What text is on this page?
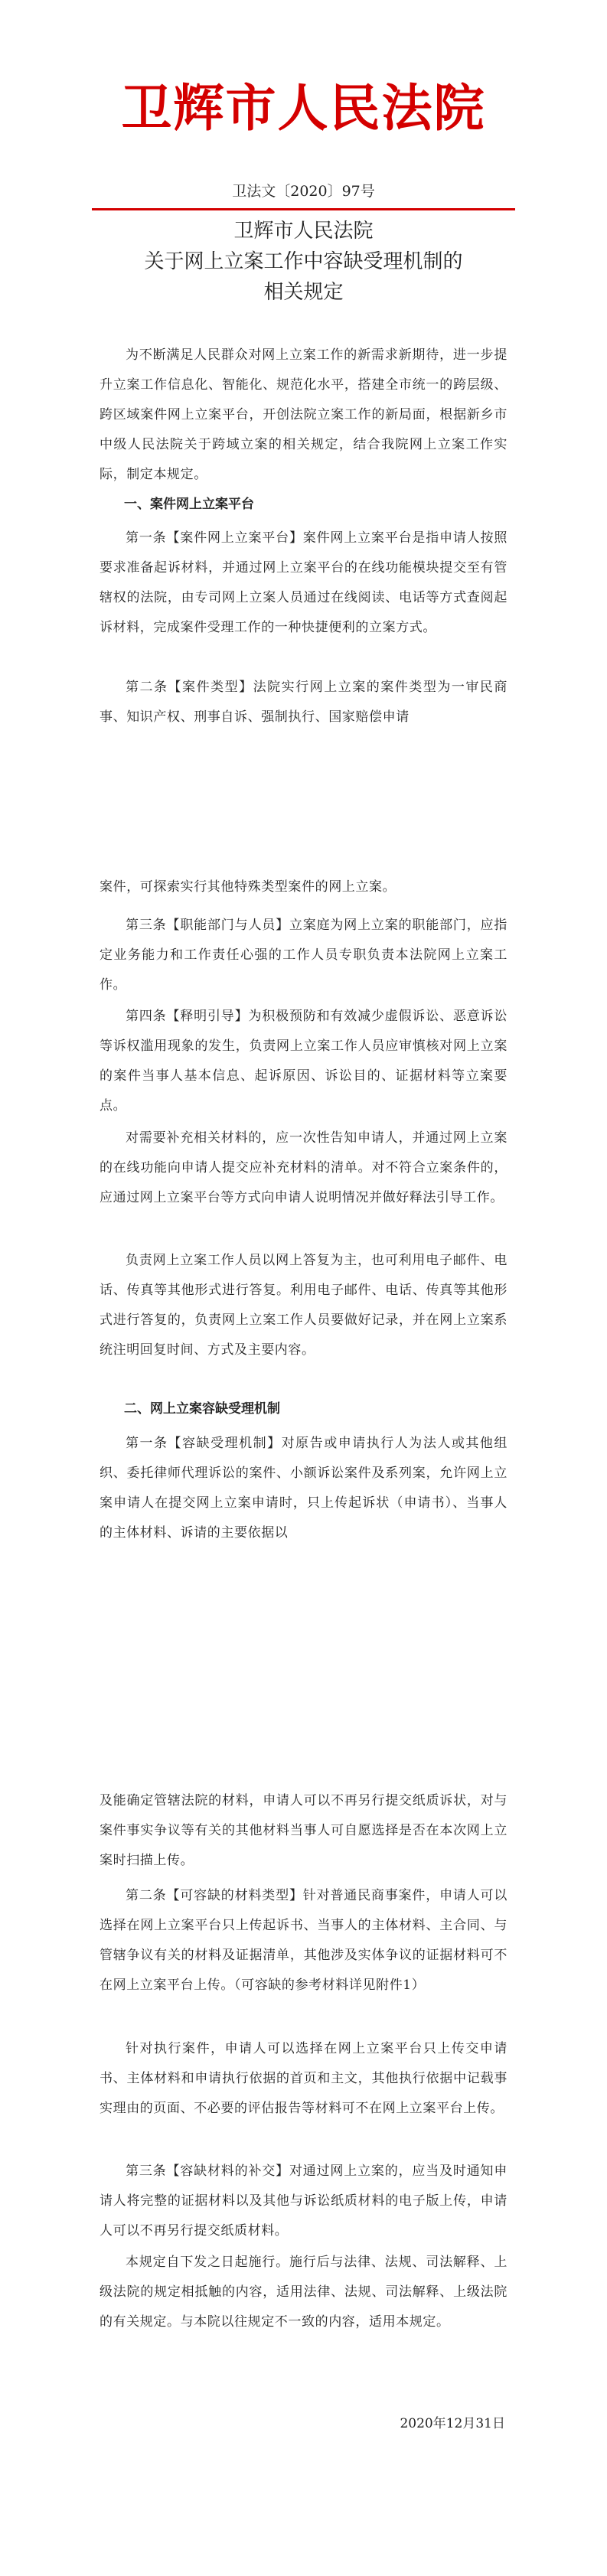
卫辉市人民法院
卫法文〔2020〕97号
卫辉市人民法院
关于网上立案工作中容缺受理机制的
相关规定
为不断满足人民群众对网上立案工作的新需求新期待，进一步提升立案工作信息化、智能化、规范化水平，搭建全市统一的跨层级、跨区域案件网上立案平台，开创法院立案工作的新局面，根据新乡市中级人民法院关于跨域立案的相关规定，结合我院网上立案工作实际，制定本规定。
一、案件网上立案平台
第一条【案件网上立案平台】案件网上立案平台是指申请人按照要求准备起诉材料，并通过网上立案平台的在线功能模块提交至有管辖权的法院，由专司网上立案人员通过在线阅读、电话等方式查阅起诉材料，完成案件受理工作的一种快捷便利的立案方式。
第二条【案件类型】法院实行网上立案的案件类型为一审民商事、知识产权、刑事自诉、强制执行、国家赔偿申请
案件，可探索实行其他特殊类型案件的网上立案。
第三条【职能部门与人员】立案庭为网上立案的职能部门，应指定业务能力和工作责任心强的工作人员专职负责本法院网上立案工作。
第四条【释明引导】为积极预防和有效减少虚假诉讼、恶意诉讼等诉权滥用现象的发生，负责网上立案工作人员应审慎核对网上立案的案件当事人基本信息、起诉原因、诉讼目的、证据材料等立案要点。
对需要补充相关材料的，应一次性告知申请人，并通过网上立案的在线功能向申请人提交应补充材料的清单。对不符合立案条件的，应通过网上立案平台等方式向申请人说明情况并做好释法引导工作。
负责网上立案工作人员以网上答复为主，也可利用电子邮件、电话、传真等其他形式进行答复。利用电子邮件、电话、传真等其他形式进行答复的，负责网上立案工作人员要做好记录，并在网上立案系统注明回复时间、方式及主要内容。
二、网上立案容缺受理机制
第一条【容缺受理机制】对原告或申请执行人为法人或其他组织、委托律师代理诉讼的案件、小额诉讼案件及系列案，允许网上立案申请人在提交网上立案申请时，只上传起诉状（申请书）、当事人的主体材料、诉请的主要依据以
及能确定管辖法院的材料，申请人可以不再另行提交纸质诉状，对与案件事实争议等有关的其他材料当事人可自愿选择是否在本次网上立案时扫描上传。
第二条【可容缺的材料类型】针对普通民商事案件，申请人可以选择在网上立案平台只上传起诉书、当事人的主体材料、主合同、与管辖争议有关的材料及证据清单，其他涉及实体争议的证据材料可不在网上立案平台上传。（可容缺的参考材料详见附件1）
针对执行案件，申请人可以选择在网上立案平台只上传交申请书、主体材料和申请执行依据的首页和主文，其他执行依据中记载事实理由的页面、不必要的评估报告等材料可不在网上立案平台上传。
第三条【容缺材料的补交】对通过网上立案的，应当及时通知申请人将完整的证据材料以及其他与诉讼纸质材料的电子版上传，申请人可以不再另行提交纸质材料。
本规定自下发之日起施行。施行后与法律、法规、司法解释、上级法院的规定相抵触的内容，适用法律、法规、司法解释、上级法院的有关规定。与本院以往规定不一致的内容，适用本规定。
2020年12月31日
